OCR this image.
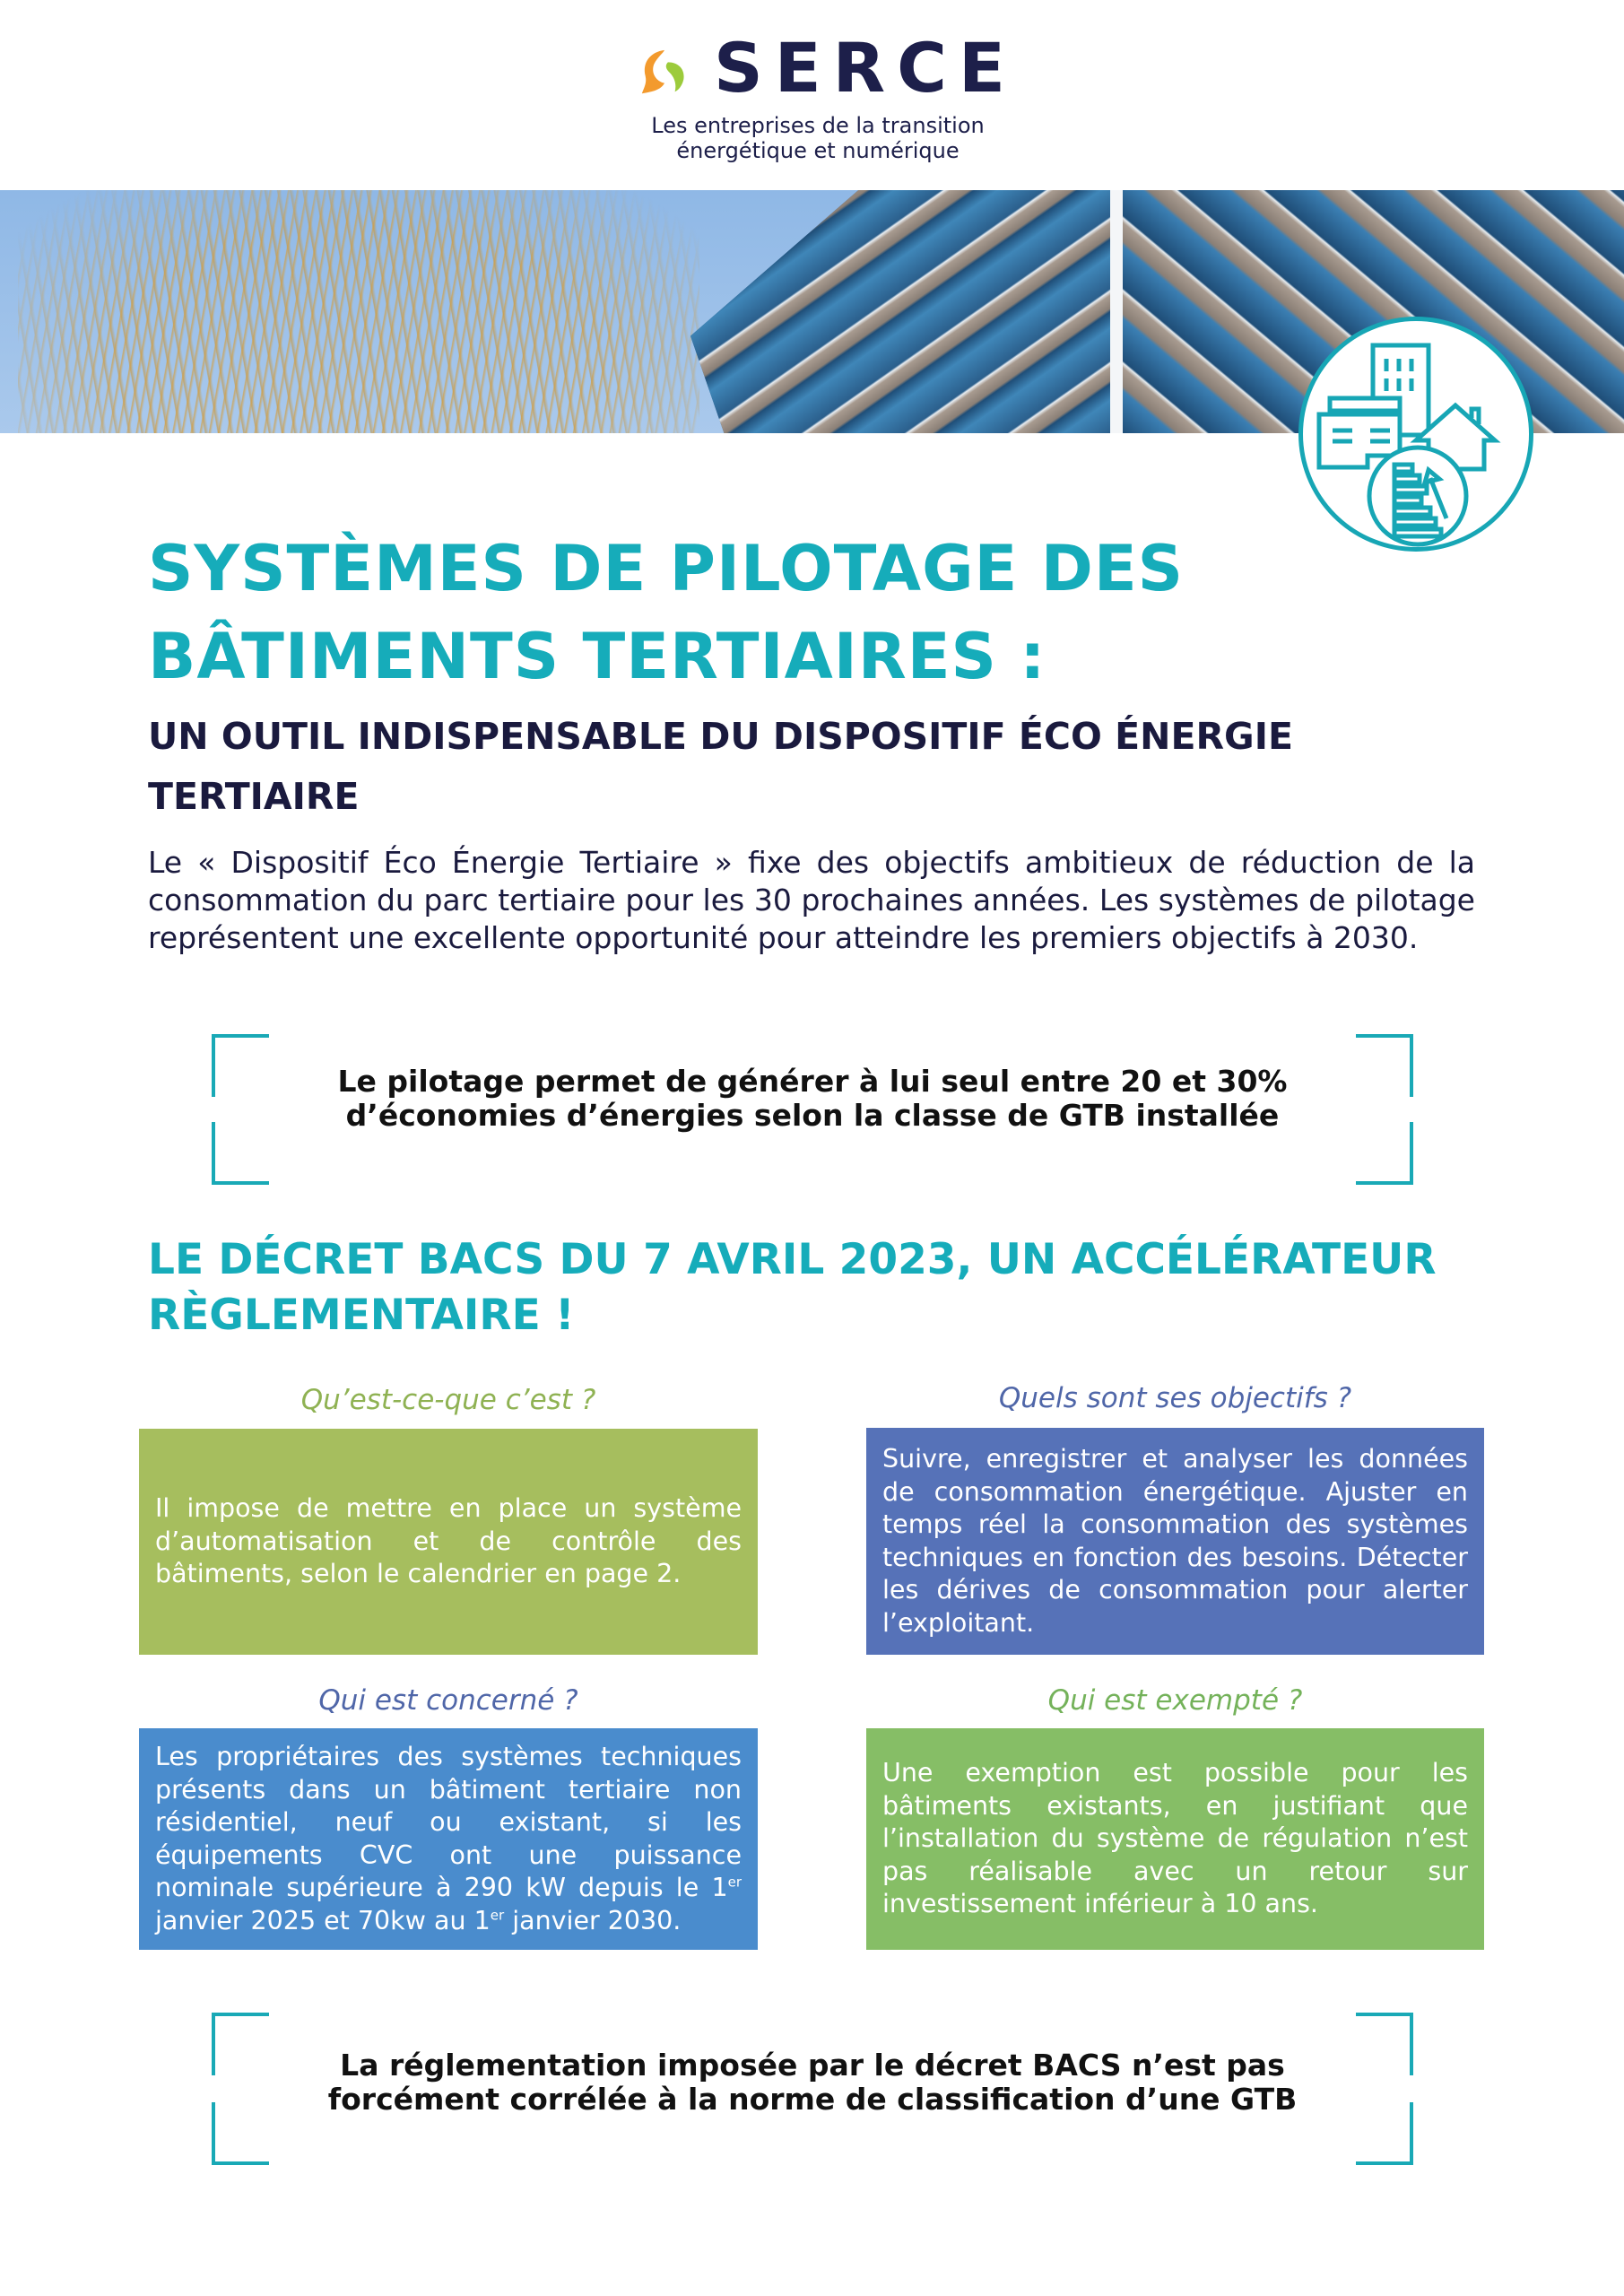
SERCE
Les entreprises de la transition
énergétique et numérique
SYSTÈMES DE PILOTAGE DES
BÂTIMENTS TERTIAIRES :
UN OUTIL INDISPENSABLE DU DISPOSITIF ÉCO ÉNERGIE TERTIAIRE
Le « Dispositif Éco Énergie Tertiaire » fixe des objectifs ambitieux de réduction de la consommation du parc tertiaire pour les 30 prochaines années. Les systèmes de pilotage représentent une excellente opportunité pour atteindre les premiers objectifs à 2030.
Le pilotage permet de générer à lui seul entre 20 et 30%
d’économies d’énergies selon la classe de GTB installée
LE DÉCRET BACS DU 7 AVRIL 2023, UN ACCÉLÉRATEUR RÈGLEMENTAIRE !
Qu’est-ce-que c’est ?

Il impose de mettre en place un système d’automatisation et de contrôle des bâtiments, selon le calendrier en page 2.

Quels sont ses objectifs ?

Suivre, enregistrer et analyser les données de consommation énergétique. Ajuster en temps réel la consommation des systèmes techniques en fonction des besoins. Détecter les dérives de consommation pour alerter l’exploitant.

Qui est concerné ?

Les propriétaires des systèmes techniques présents dans un bâtiment tertiaire non résidentiel, neuf ou existant, si les équipements CVC ont une puissance nominale supérieure à 290 kW depuis le 1er janvier 2025 et 70kw au 1er janvier 2030.

Qui est exempté ?

Une exemption est possible pour les bâtiments existants, en justifiant que l’installation du système de régulation n’est pas réalisable avec un retour sur investissement inférieur à 10 ans.

La réglementation imposée par le décret BACS n’est pas
forcément corrélée à la norme de classification d’une GTB
